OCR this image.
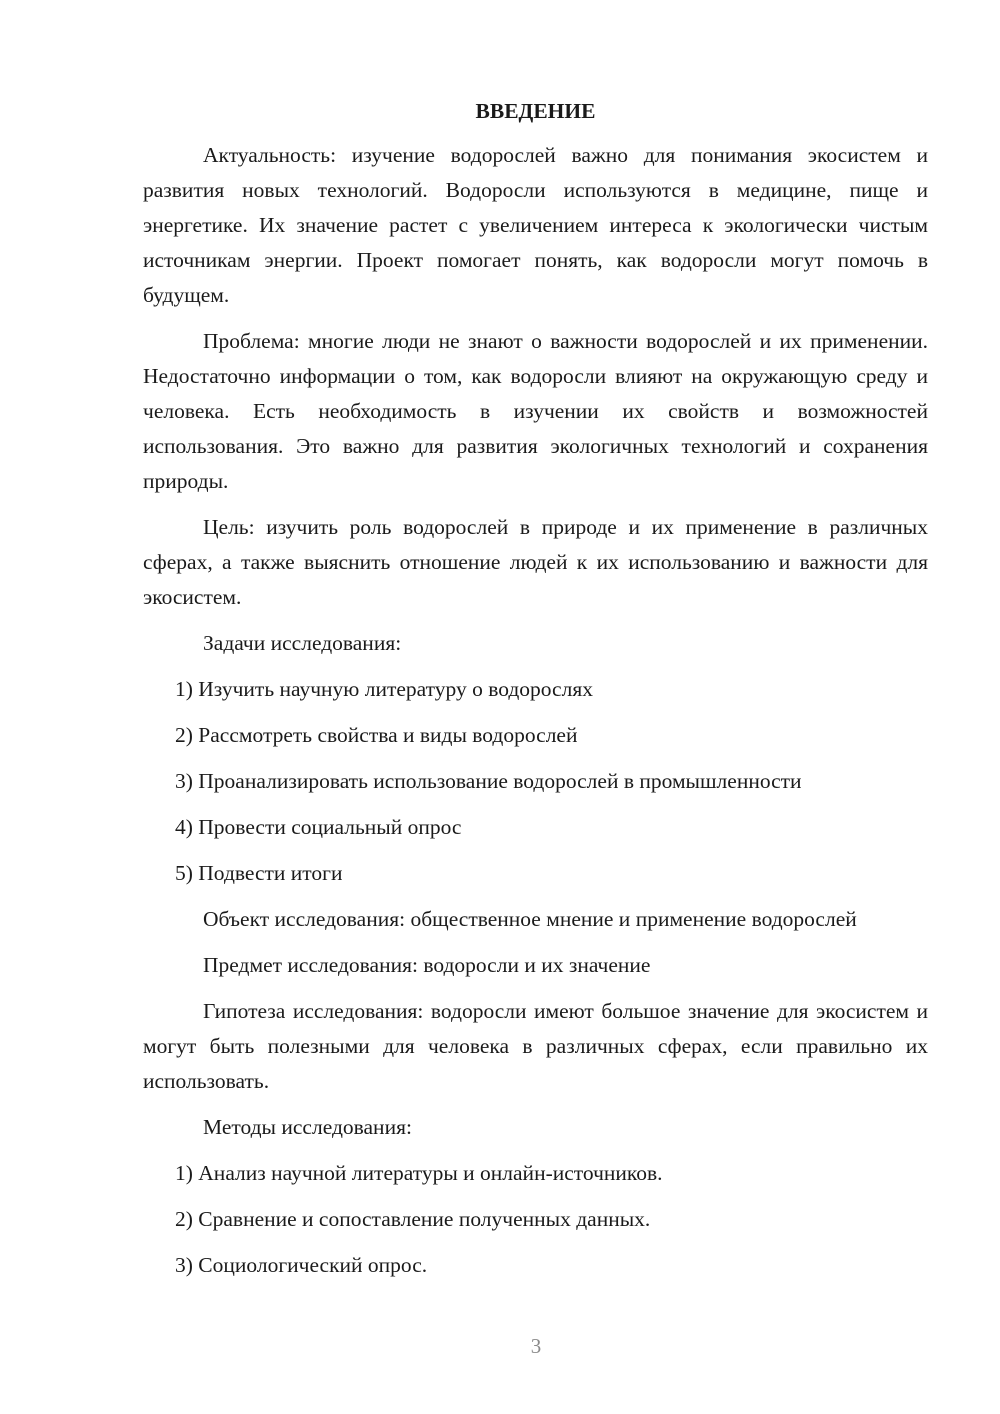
ВВЕДЕНИЕ

Актуальность: изучение водорослей важно для понимания экосистем и развития новых технологий. Водоросли используются в медицине, пище и энергетике. Их значение растет с увеличением интереса к экологически чистым источникам энергии. Проект помогает понять, как водоросли могут помочь в будущем.

Проблема: многие люди не знают о важности водорослей и их применении. Недостаточно информации о том, как водоросли влияют на окружающую среду и человека. Есть необходимость в изучении их свойств и возможностей использования. Это важно для развития экологичных технологий и сохранения природы.

Цель: изучить роль водорослей в природе и их применение в различных сферах, а также выяснить отношение людей к их использованию и важности для экосистем.

Задачи исследования:

1) Изучить научную литературу о водорослях

2) Рассмотреть свойства и виды водорослей

3) Проанализировать использование водорослей в промышленности

4) Провести социальный опрос

5) Подвести итоги

Объект исследования: общественное мнение и применение водорослей

Предмет исследования: водоросли и их значение

Гипотеза исследования: водоросли имеют большое значение для экосистем и могут быть полезными для человека в различных сферах, если правильно их использовать.

Методы исследования:

1) Анализ научной литературы и онлайн-источников.

2) Сравнение и сопоставление полученных данных.

3) Социологический опрос.

3
